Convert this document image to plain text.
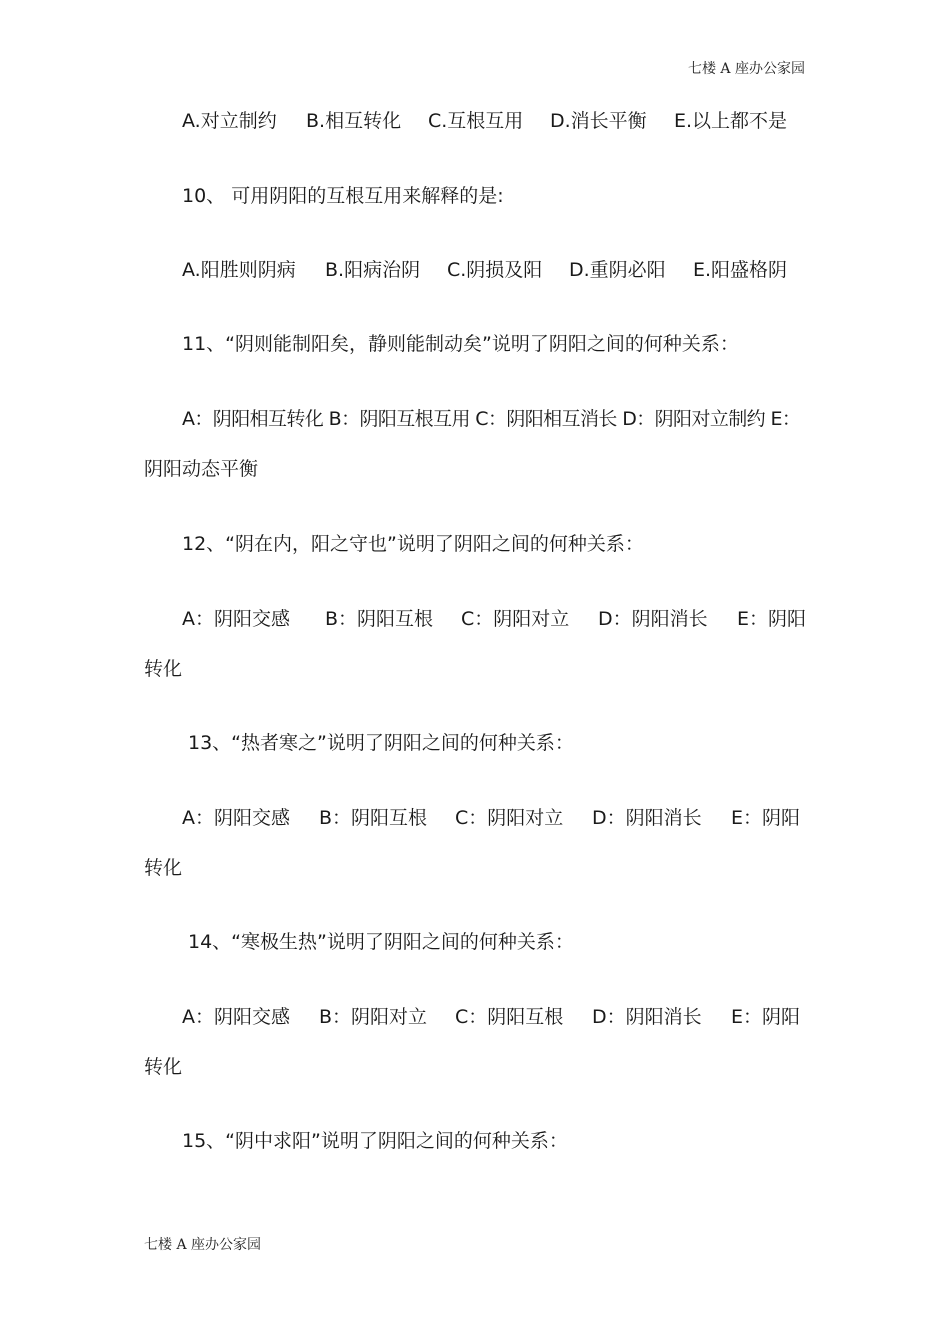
七楼 A 座办公家园
A.对立制约 B.相互转化 C.互根互用 D.消长平衡 E.以上都不是
10、 可用阴阳的互根互用来解释的是:
A.阳胜则阴病 B.阳病治阴 C.阴损及阳 D.重阴必阳 E.阳盛格阴
11、“阴则能制阳矣，静则能制动矣”说明了阴阳之间的何种关系：
A：阴阳相互转化 B：阴阳互根互用 C：阴阳相互消长 D：阴阳对立制约 E：
阴阳动态平衡
12、“阴在内，阳之守也”说明了阴阳之间的何种关系：
A：阴阳交感 B：阴阳互根 C：阴阳对立 D：阴阳消长 E：阴阳
转化
13、“热者寒之”说明了阴阳之间的何种关系：
A：阴阳交感 B：阴阳互根 C：阴阳对立 D：阴阳消长 E：阴阳
转化
14、“寒极生热”说明了阴阳之间的何种关系：
A：阴阳交感 B：阴阳对立 C：阴阳互根 D：阴阳消长 E：阴阳
转化
15、“阴中求阳”说明了阴阳之间的何种关系：
七楼 A 座办公家园
